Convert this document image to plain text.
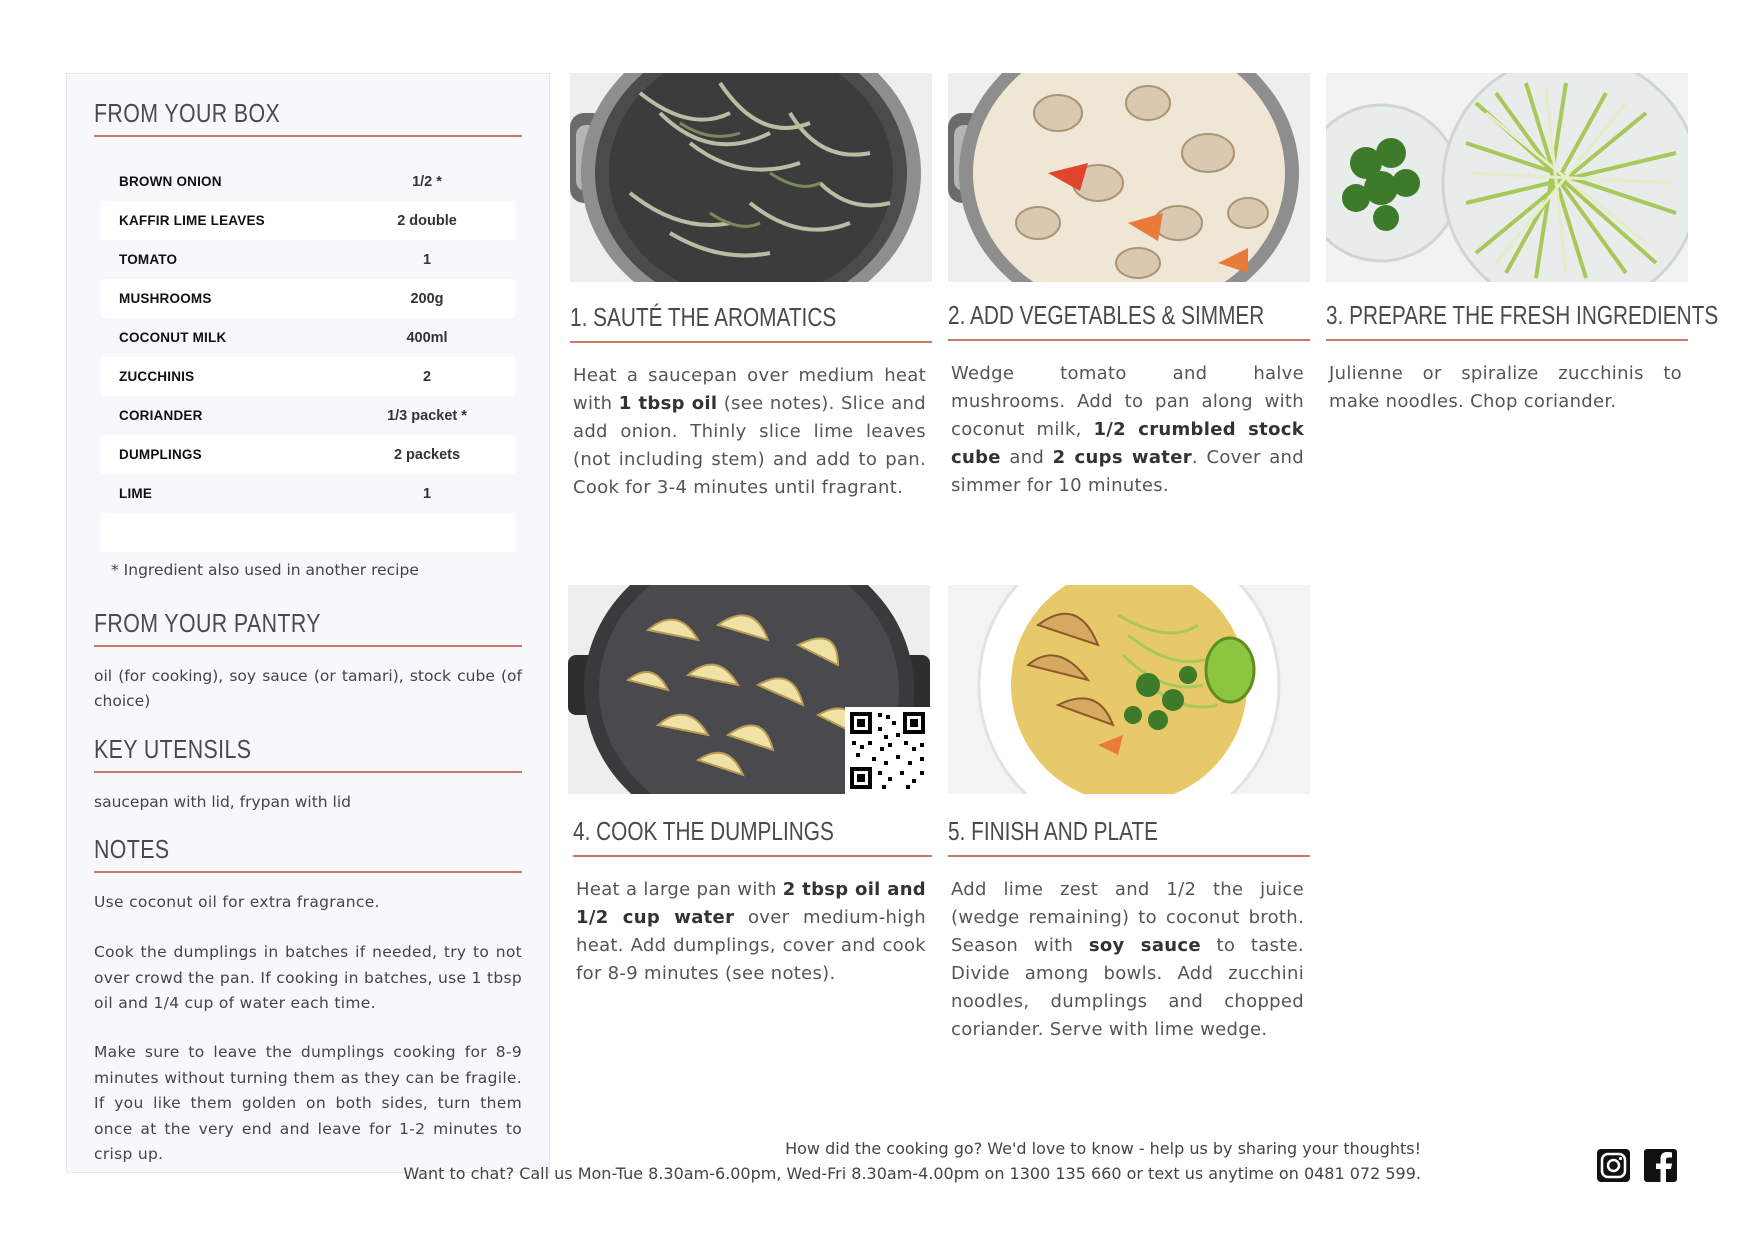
FROM YOUR BOX
BROWN ONION	1/2 *
KAFFIR LIME LEAVES	2 double
TOMATO	1
MUSHROOMS	200g
COCONUT MILK	400ml
ZUCCHINIS	2
CORIANDER	1/3 packet *
DUMPLINGS	2 packets
LIME	1

* Ingredient also used in another recipe
FROM YOUR PANTRY
oil (for cooking), soy sauce (or tamari), stock cube (of choice)
KEY UTENSILS
saucepan with lid, frypan with lid
NOTES

Use coconut oil for extra fragrance.

Cook the dumplings in batches if needed, try to not over crowd the pan. If cooking in batches, use 1 tbsp oil and 1/4 cup of water each time.

Make sure to leave the dumplings cooking for 8-9 minutes without turning them as they can be fragile. If you like them golden on both sides, turn them once at the very end and leave for 1-2 minutes to crisp up.

1. SAUTÉ THE AROMATICS
Heat a saucepan over medium heat with 1 tbsp oil (see notes). Slice and add onion. Thinly slice lime leaves (not including stem) and add to pan. Cook for 3-4 minutes until fragrant.
2. ADD VEGETABLES & SIMMER
Wedge tomato and halve mushrooms. Add to pan along with coconut milk, 1/2 crumbled stock cube and 2 cups water. Cover and simmer for 10 minutes.
3. PREPARE THE FRESH INGREDIENTS
Julienne or spiralize zucchinis to make noodles. Chop coriander.
4. COOK THE DUMPLINGS
Heat a large pan with 2 tbsp oil and 1/2 cup water over medium-high heat. Add dumplings, cover and cook for 8-9 minutes (see notes).
5. FINISH AND PLATE
Add lime zest and 1/2 the juice (wedge remaining) to coconut broth. Season with soy sauce to taste. Divide among bowls. Add zucchini noodles, dumplings and chopped coriander. Serve with lime wedge.
How did the cooking go? We'd love to know - help us by sharing your thoughts!
Want to chat? Call us Mon-Tue 8.30am-6.00pm, Wed-Fri 8.30am-4.00pm on 1300 135 660 or text us anytime on 0481 072 599.
